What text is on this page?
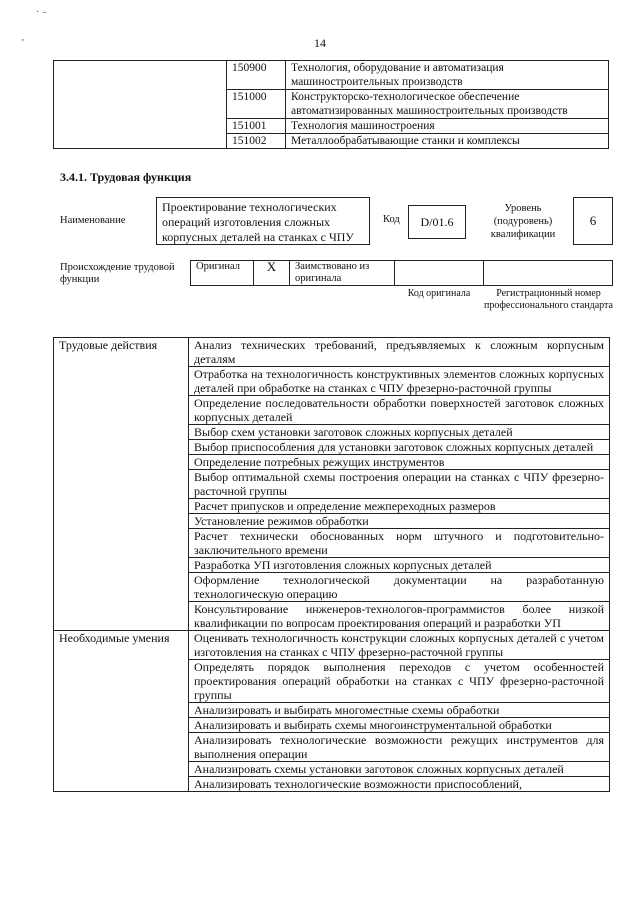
˙ ⁻
'	14
	150900	Технология, оборудование и автоматизация машиностроительных производств
	151000	Конструкторско-технологическое обеспечение автоматизированных машиностроительных производств
	151001	Технология машиностроения
	151002	Металлообрабатывающие станки и комплексы
3.4.1. Трудовая функция
Наименование
Проектирование технологических операций изготовления сложных корпусных деталей на станках с ЧПУ
Код	D/01.6
Уровень (подуровень) квалификации
6
Происхождение трудовой функции
Оригинал	X	Заимствовано из оригинала		
Код оригинала	Регистрационный номер профессионального стандарта
Трудовые действия	Анализ технических требований, предъявляемых к сложным корпусным деталям
	Отработка на технологичность конструктивных элементов сложных корпусных деталей при обработке на станках с ЧПУ фрезерно-расточной группы
	Определение последовательности обработки поверхностей заготовок сложных корпусных деталей
	Выбор схем установки заготовок сложных корпусных деталей
	Выбор приспособления для установки заготовок сложных корпусных деталей
	Определение потребных режущих инструментов
	Выбор оптимальной схемы построения операции на станках с ЧПУ фрезерно-расточной группы
	Расчет припусков и определение межпереходных размеров
	Установление режимов обработки
	Расчет технически обоснованных норм штучного и подготовительно-заключительного времени
	Разработка УП изготовления сложных корпусных деталей
	Оформление технологической документации на разработанную технологическую операцию
	Консультирование инженеров-технологов-программистов более низкой квалификации по вопросам проектирования операций и разработки УП
Необходимые умения	Оценивать технологичность конструкции сложных корпусных деталей с учетом изготовления на станках с ЧПУ фрезерно-расточной группы
	Определять порядок выполнения переходов с учетом особенностей проектирования операций обработки на станках с ЧПУ фрезерно-расточной группы
	Анализировать и выбирать многоместные схемы обработки
	Анализировать и выбирать схемы многоинструментальной обработки
	Анализировать технологические возможности режущих инструментов для выполнения операции
	Анализировать схемы установки заготовок сложных корпусных деталей
	Анализировать технологические возможности приспособлений,
